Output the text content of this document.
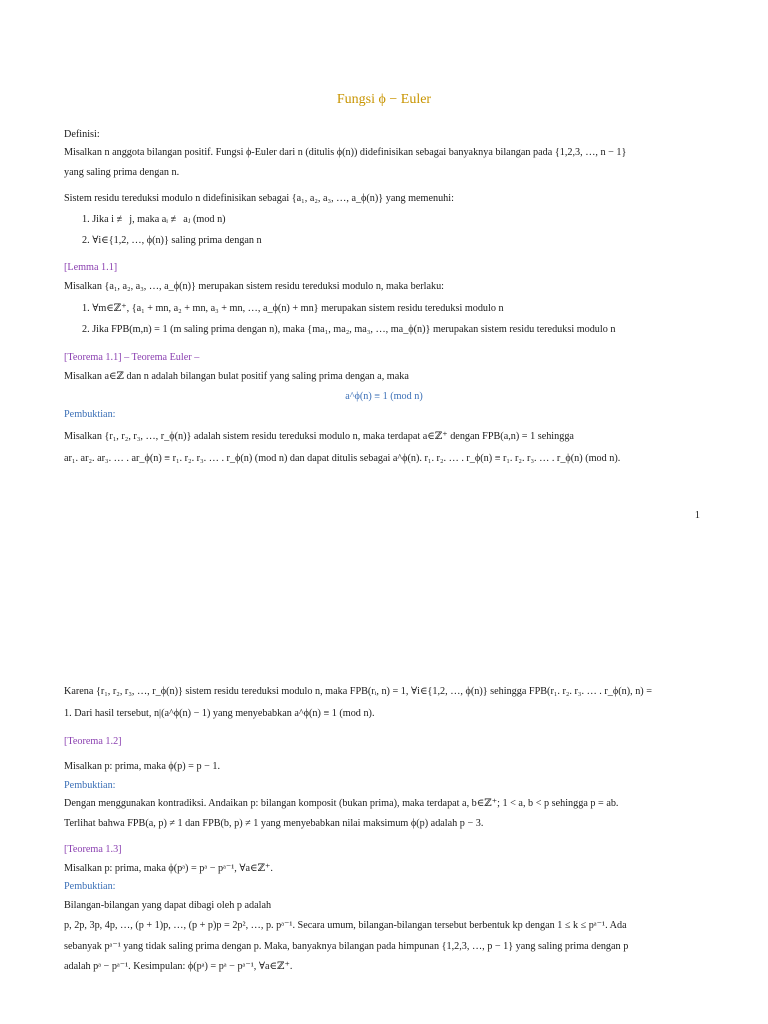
Fungsi ϕ − Euler
Definisi:
Misalkan n anggota bilangan positif. Fungsi ϕ-Euler dari n (ditulis ϕ(n)) didefinisikan sebagai banyaknya bilangan pada {1,2,3, …, n − 1}
yang saling prima dengan n.
Sistem residu tereduksi modulo n didefinisikan sebagai {a₁, a₂, a₃, …, a_ϕ(n)} yang memenuhi:
1. Jika i ≢ j, maka aᵢ ≢ aⱼ (mod n)
2. ∀i∈{1,2, …, ϕ(n)} saling prima dengan n
[Lemma 1.1]
Misalkan {a₁, a₂, a₃, …, a_ϕ(n)} merupakan sistem residu tereduksi modulo n, maka berlaku:
1. ∀m∈ℤ⁺, {a₁ + mn, a₂ + mn, a₃ + mn, …, a_ϕ(n) + mn} merupakan sistem residu tereduksi modulo n
2. Jika FPB(m,n) = 1 (m saling prima dengan n), maka {ma₁, ma₂, ma₃, …, ma_ϕ(n)} merupakan sistem residu tereduksi modulo n
[Teorema 1.1] – Teorema Euler –
Misalkan a∈ℤ dan n adalah bilangan bulat positif yang saling prima dengan a, maka
a^ϕ(n) ≡ 1 (mod n)
Pembuktian:
Misalkan {r₁, r₂, r₃, …, r_ϕ(n)} adalah sistem residu tereduksi modulo n, maka terdapat a∈ℤ⁺ dengan FPB(a,n) = 1 sehingga
ar₁. ar₂. ar₃. … . ar_ϕ(n) ≡ r₁. r₂. r₃. … . r_ϕ(n) (mod n) dan dapat ditulis sebagai a^ϕ(n). r₁. r₂. … . r_ϕ(n) ≡ r₁. r₂. r₃. … . r_ϕ(n) (mod n).
1
Karena {r₁, r₂, r₃, …, r_ϕ(n)} sistem residu tereduksi modulo n, maka FPB(rᵢ, n) = 1, ∀i∈{1,2, …, ϕ(n)} sehingga FPB(r₁. r₂. r₃. … . r_ϕ(n), n) =
1. Dari hasil tersebut, n|(a^ϕ(n) − 1) yang menyebabkan a^ϕ(n) ≡ 1 (mod n).
[Teorema 1.2]
Misalkan p: prima, maka ϕ(p) = p − 1.
Pembuktian:
Dengan menggunakan kontradiksi. Andaikan p: bilangan komposit (bukan prima), maka terdapat a, b∈ℤ⁺; 1 < a, b < p sehingga p = ab.
Terlihat bahwa FPB(a, p) ≠ 1 dan FPB(b, p) ≠ 1 yang menyebabkan nilai maksimum ϕ(p) adalah p − 3.
[Teorema 1.3]
Misalkan p: prima, maka ϕ(pᵃ) = pᵃ − pᵃ⁻¹, ∀a∈ℤ⁺.
Pembuktian:
Bilangan-bilangan yang dapat dibagi oleh p adalah
p, 2p, 3p, 4p, …, (p + 1)p, …, (p + p)p = 2p², …, p. pᵃ⁻¹. Secara umum, bilangan-bilangan tersebut berbentuk kp dengan 1 ≤ k ≤ pᵃ⁻¹. Ada
sebanyak pᵃ⁻¹ yang tidak saling prima dengan p. Maka, banyaknya bilangan pada himpunan {1,2,3, …, p − 1} yang saling prima dengan p
adalah pᵃ − pᵃ⁻¹. Kesimpulan: ϕ(pᵃ) = pᵃ − pᵃ⁻¹, ∀a∈ℤ⁺.
